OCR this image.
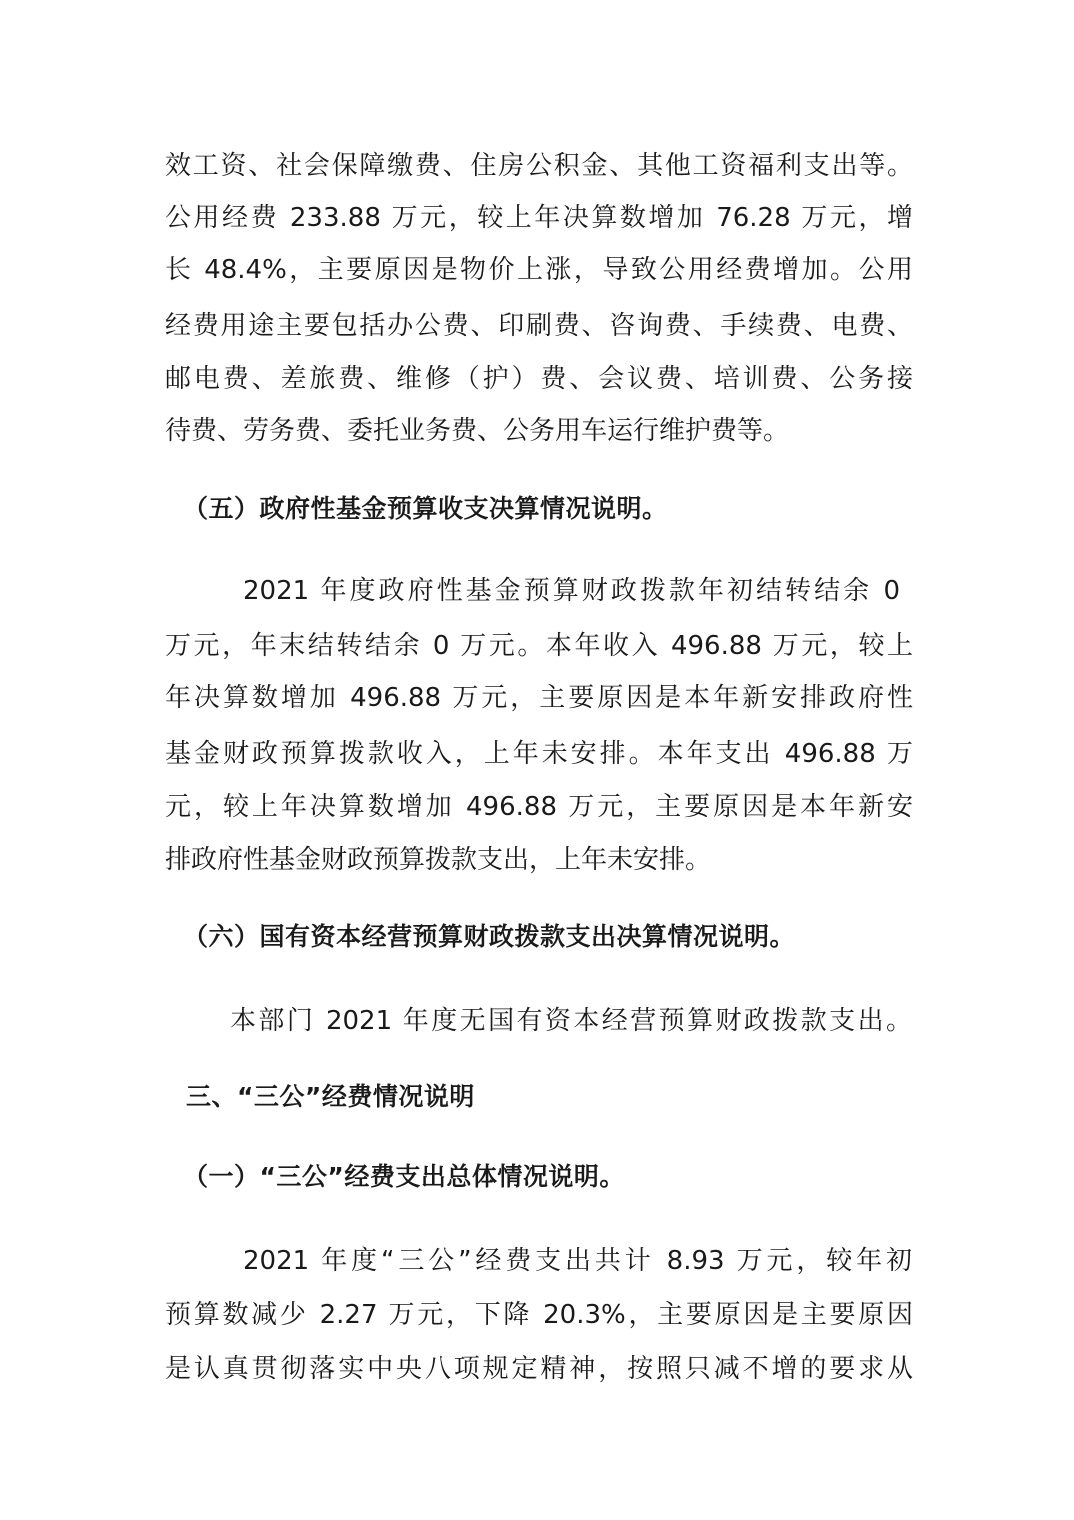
效工资、社会保障缴费、住房公积金、其他工资福利支出等。
公用经费 233.88 万元，较上年决算数增加 76.28 万元，增
长 48.4%，主要原因是物价上涨，导致公用经费增加。公用
经费用途主要包括办公费、印刷费、咨询费、手续费、电费、
邮电费、差旅费、维修（护）费、会议费、培训费、公务接
待费、劳务费、委托业务费、公务用车运行维护费等。
（五）政府性基金预算收支决算情况说明。
2021 年度政府性基金预算财政拨款年初结转结余 0
万元，年末结转结余 0 万元。本年收入 496.88 万元，较上
年决算数增加 496.88 万元，主要原因是本年新安排政府性
基金财政预算拨款收入，上年未安排。本年支出 496.88 万
元，较上年决算数增加 496.88 万元，主要原因是本年新安
排政府性基金财政预算拨款支出，上年未安排。
（六）国有资本经营预算财政拨款支出决算情况说明。
本部门 2021 年度无国有资本经营预算财政拨款支出。
三、“三公”经费情况说明
（一）“三公”经费支出总体情况说明。
2021 年度“三公”经费支出共计 8.93 万元，较年初
预算数减少 2.27 万元，下降 20.3%，主要原因是主要原因
是认真贯彻落实中央八项规定精神，按照只减不增的要求从
